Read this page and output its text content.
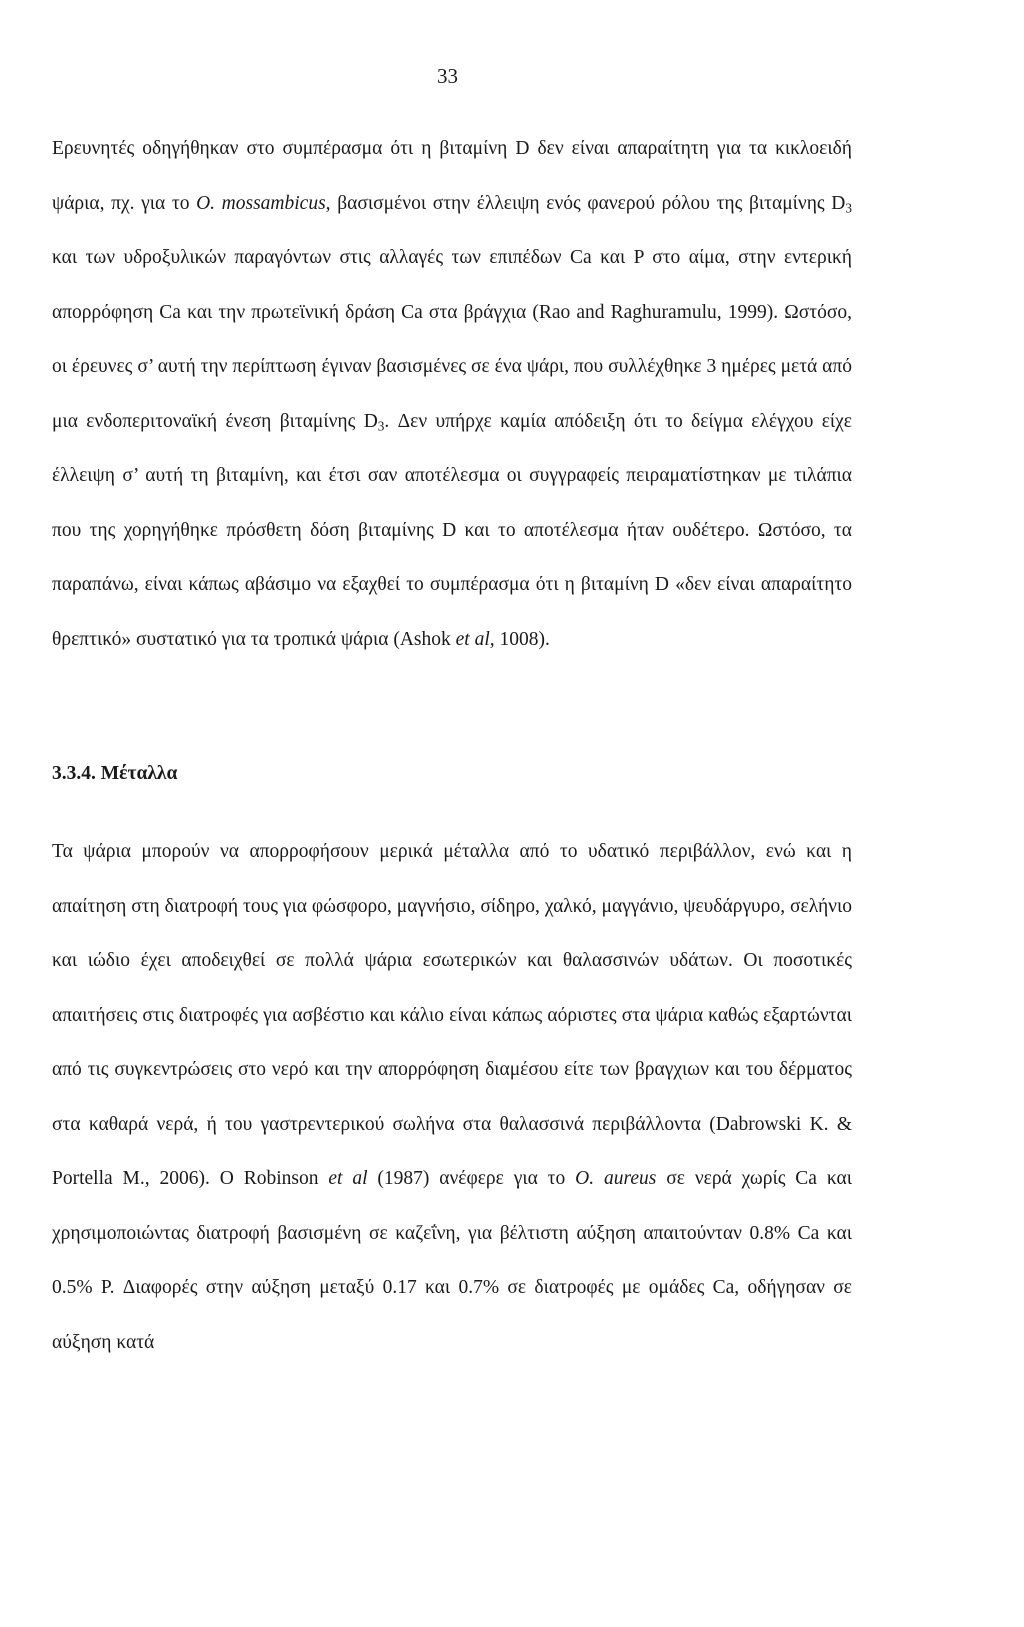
33
Ερευνητές οδηγήθηκαν στο συμπέρασμα ότι η βιταμίνη D δεν είναι απαραίτητη για τα κικλοειδή ψάρια, πχ. για το O. mossambicus, βασισμένοι στην έλλειψη ενός φανερού ρόλου της βιταμίνης $D_3$ και των υδροξυλικών παραγόντων στις αλλαγές των επιπέδων Ca και P στο αίμα, στην εντερική απορρόφηση Ca και την πρωτεϊνική δράση Ca στα βράγχια (Rao and Raghuramulu, 1999). Ωστόσο, οι έρευνες σ’ αυτή την περίπτωση έγιναν βασισμένες σε ένα ψάρι, που συλλέχθηκε 3 ημέρες μετά από μια ενδοπεριτοναϊκή ένεση βιταμίνης $D_3$. Δεν υπήρχε καμία απόδειξη ότι το δείγμα ελέγχου είχε έλλειψη σ’ αυτή τη βιταμίνη, και έτσι σαν αποτέλεσμα οι συγγραφείς πειραματίστηκαν με τιλάπια που της χορηγήθηκε πρόσθετη δόση βιταμίνης D και το αποτέλεσμα ήταν ουδέτερο. Ωστόσο, τα παραπάνω, είναι κάπως αβάσιμο να εξαχθεί το συμπέρασμα ότι η βιταμίνη D «δεν είναι απαραίτητο θρεπτικό» συστατικό για τα τροπικά ψάρια (Ashok et al, 1008).
3.3.4. Μέταλλα
Τα ψάρια μπορούν να απορροφήσουν μερικά μέταλλα από το υδατικό περιβάλλον, ενώ και η απαίτηση στη διατροφή τους για φώσφορο, μαγνήσιο, σίδηρο, χαλκό, μαγγάνιο, ψευδάργυρο, σελήνιο και ιώδιο έχει αποδειχθεί σε πολλά ψάρια εσωτερικών και θαλασσινών υδάτων. Οι ποσοτικές απαιτήσεις στις διατροφές για ασβέστιο και κάλιο είναι κάπως αόριστες στα ψάρια καθώς εξαρτώνται από τις συγκεντρώσεις στο νερό και την απορρόφηση διαμέσου είτε των βραγχιων και του δέρματος στα καθαρά νερά, ή του γαστρεντερικού σωλήνα στα θαλασσινά περιβάλλοντα (Dabrowski K. & Portella M., 2006). O Robinson et al (1987) ανέφερε για το O. aureus σε νερά χωρίς Ca και χρησιμοποιώντας διατροφή βασισμένη σε καζεΐνη, για βέλτιστη αύξηση απαιτούνταν 0.8% Ca και 0.5% P. Διαφορές στην αύξηση μεταξύ 0.17 και 0.7% σε διατροφές με ομάδες Ca, οδήγησαν σε αύξηση κατά
